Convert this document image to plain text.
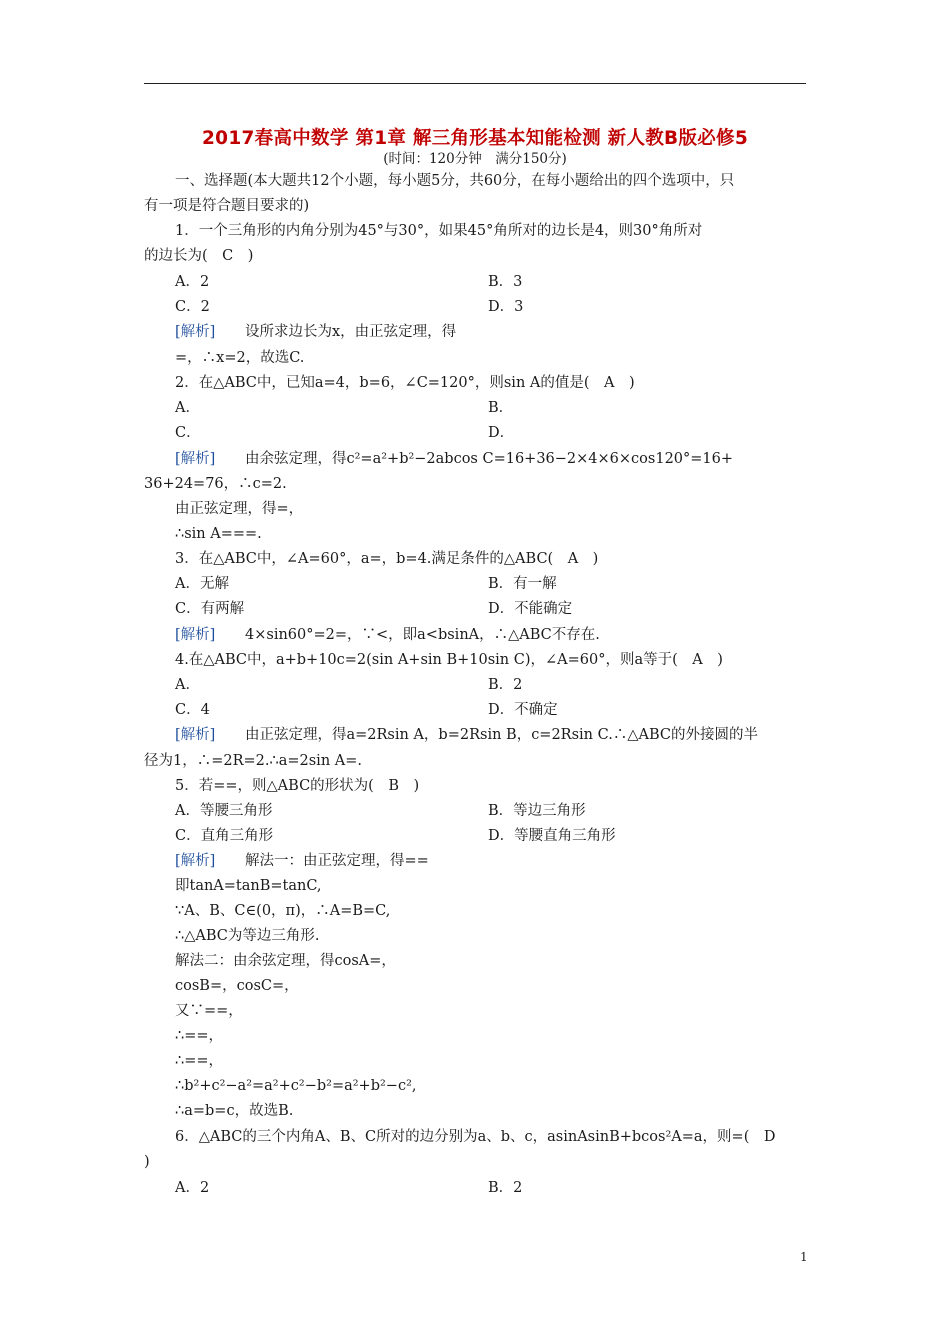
2017春高中数学 第1章 解三角形基本知能检测 新人教B版必修5
(时间：120分钟　满分150分)
一、选择题(本大题共12个小题，每小题5分，共60分，在每小题给出的四个选项中，只
有一项是符合题目要求的)
1．一个三角形的内角分别为45°与30°，如果45°角所对的边长是4，则30°角所对
的边长为(　C　)
A．2	B．3
C．2	D．3
[解析] 设所求边长为x，由正弦定理，得
=，∴x=2，故选C.
2．在△ABC中，已知a=4，b=6，∠C=120°，则sin A的值是(　A　)
A．	B．
C．	D．
[解析] 由余弦定理，得c²=a²+b²−2abcos C=16+36−2×4×6×cos120°=16+
36+24=76，∴c=2.
由正弦定理，得=，
∴sin A===.
3．在△ABC中，∠A=60°，a=，b=4.满足条件的△ABC(　A　)
A．无解	B．有一解
C．有两解	D．不能确定
[解析] 4×sin60°=2=，∵<，即a<bsinA，∴△ABC不存在.
4.在△ABC中，a+b+10c=2(sin A+sin B+10sin C)，∠A=60°，则a等于(　A　)
A．	B．2
C．4	D．不确定
[解析] 由正弦定理，得a=2Rsin A，b=2Rsin B，c=2Rsin C.∴△ABC的外接圆的半
径为1，∴=2R=2.∴a=2sin A=.
5．若==，则△ABC的形状为(　B　)
A．等腰三角形	B．等边三角形
C．直角三角形	D．等腰直角三角形
[解析] 解法一：由正弦定理，得==
即tanA=tanB=tanC,
∵A、B、C∈(0，π)，∴A=B=C,
∴△ABC为等边三角形.
解法二：由余弦定理，得cosA=，
cosB=，cosC=，
又∵==，
∴==，
∴==，
∴b²+c²−a²=a²+c²−b²=a²+b²−c²,
∴a=b=c，故选B.
6．△ABC的三个内角A、B、C所对的边分别为a、b、c，asinAsinB+bcos²A=a，则=(　D
)
A．2	B．2
1
